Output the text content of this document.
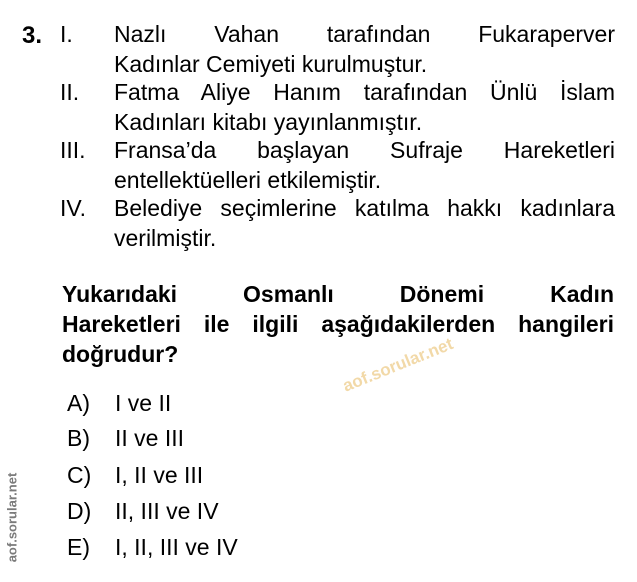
3. I. Nazlı Vahan tarafından Fukaraperver
Kadınlar Cemiyeti kurulmuştur.
II. Fatma Aliye Hanım tarafından Ünlü İslam
Kadınları kitabı yayınlanmıştır.
III. Fransa’da başlayan Sufraje Hareketleri
entellektüelleri etkilemiştir.
IV. Belediye seçimlerine katılma hakkı kadınlara
verilmiştir.
Yukarıdaki Osmanlı Dönemi Kadın
Hareketleri ile ilgili aşağıdakilerden hangileri
doğrudur?
A) I ve II
B) II ve III
C) I, II ve III
D) II, III ve IV
E) I, II, III ve IV
aof.sorular.net
aof.sorular.net
